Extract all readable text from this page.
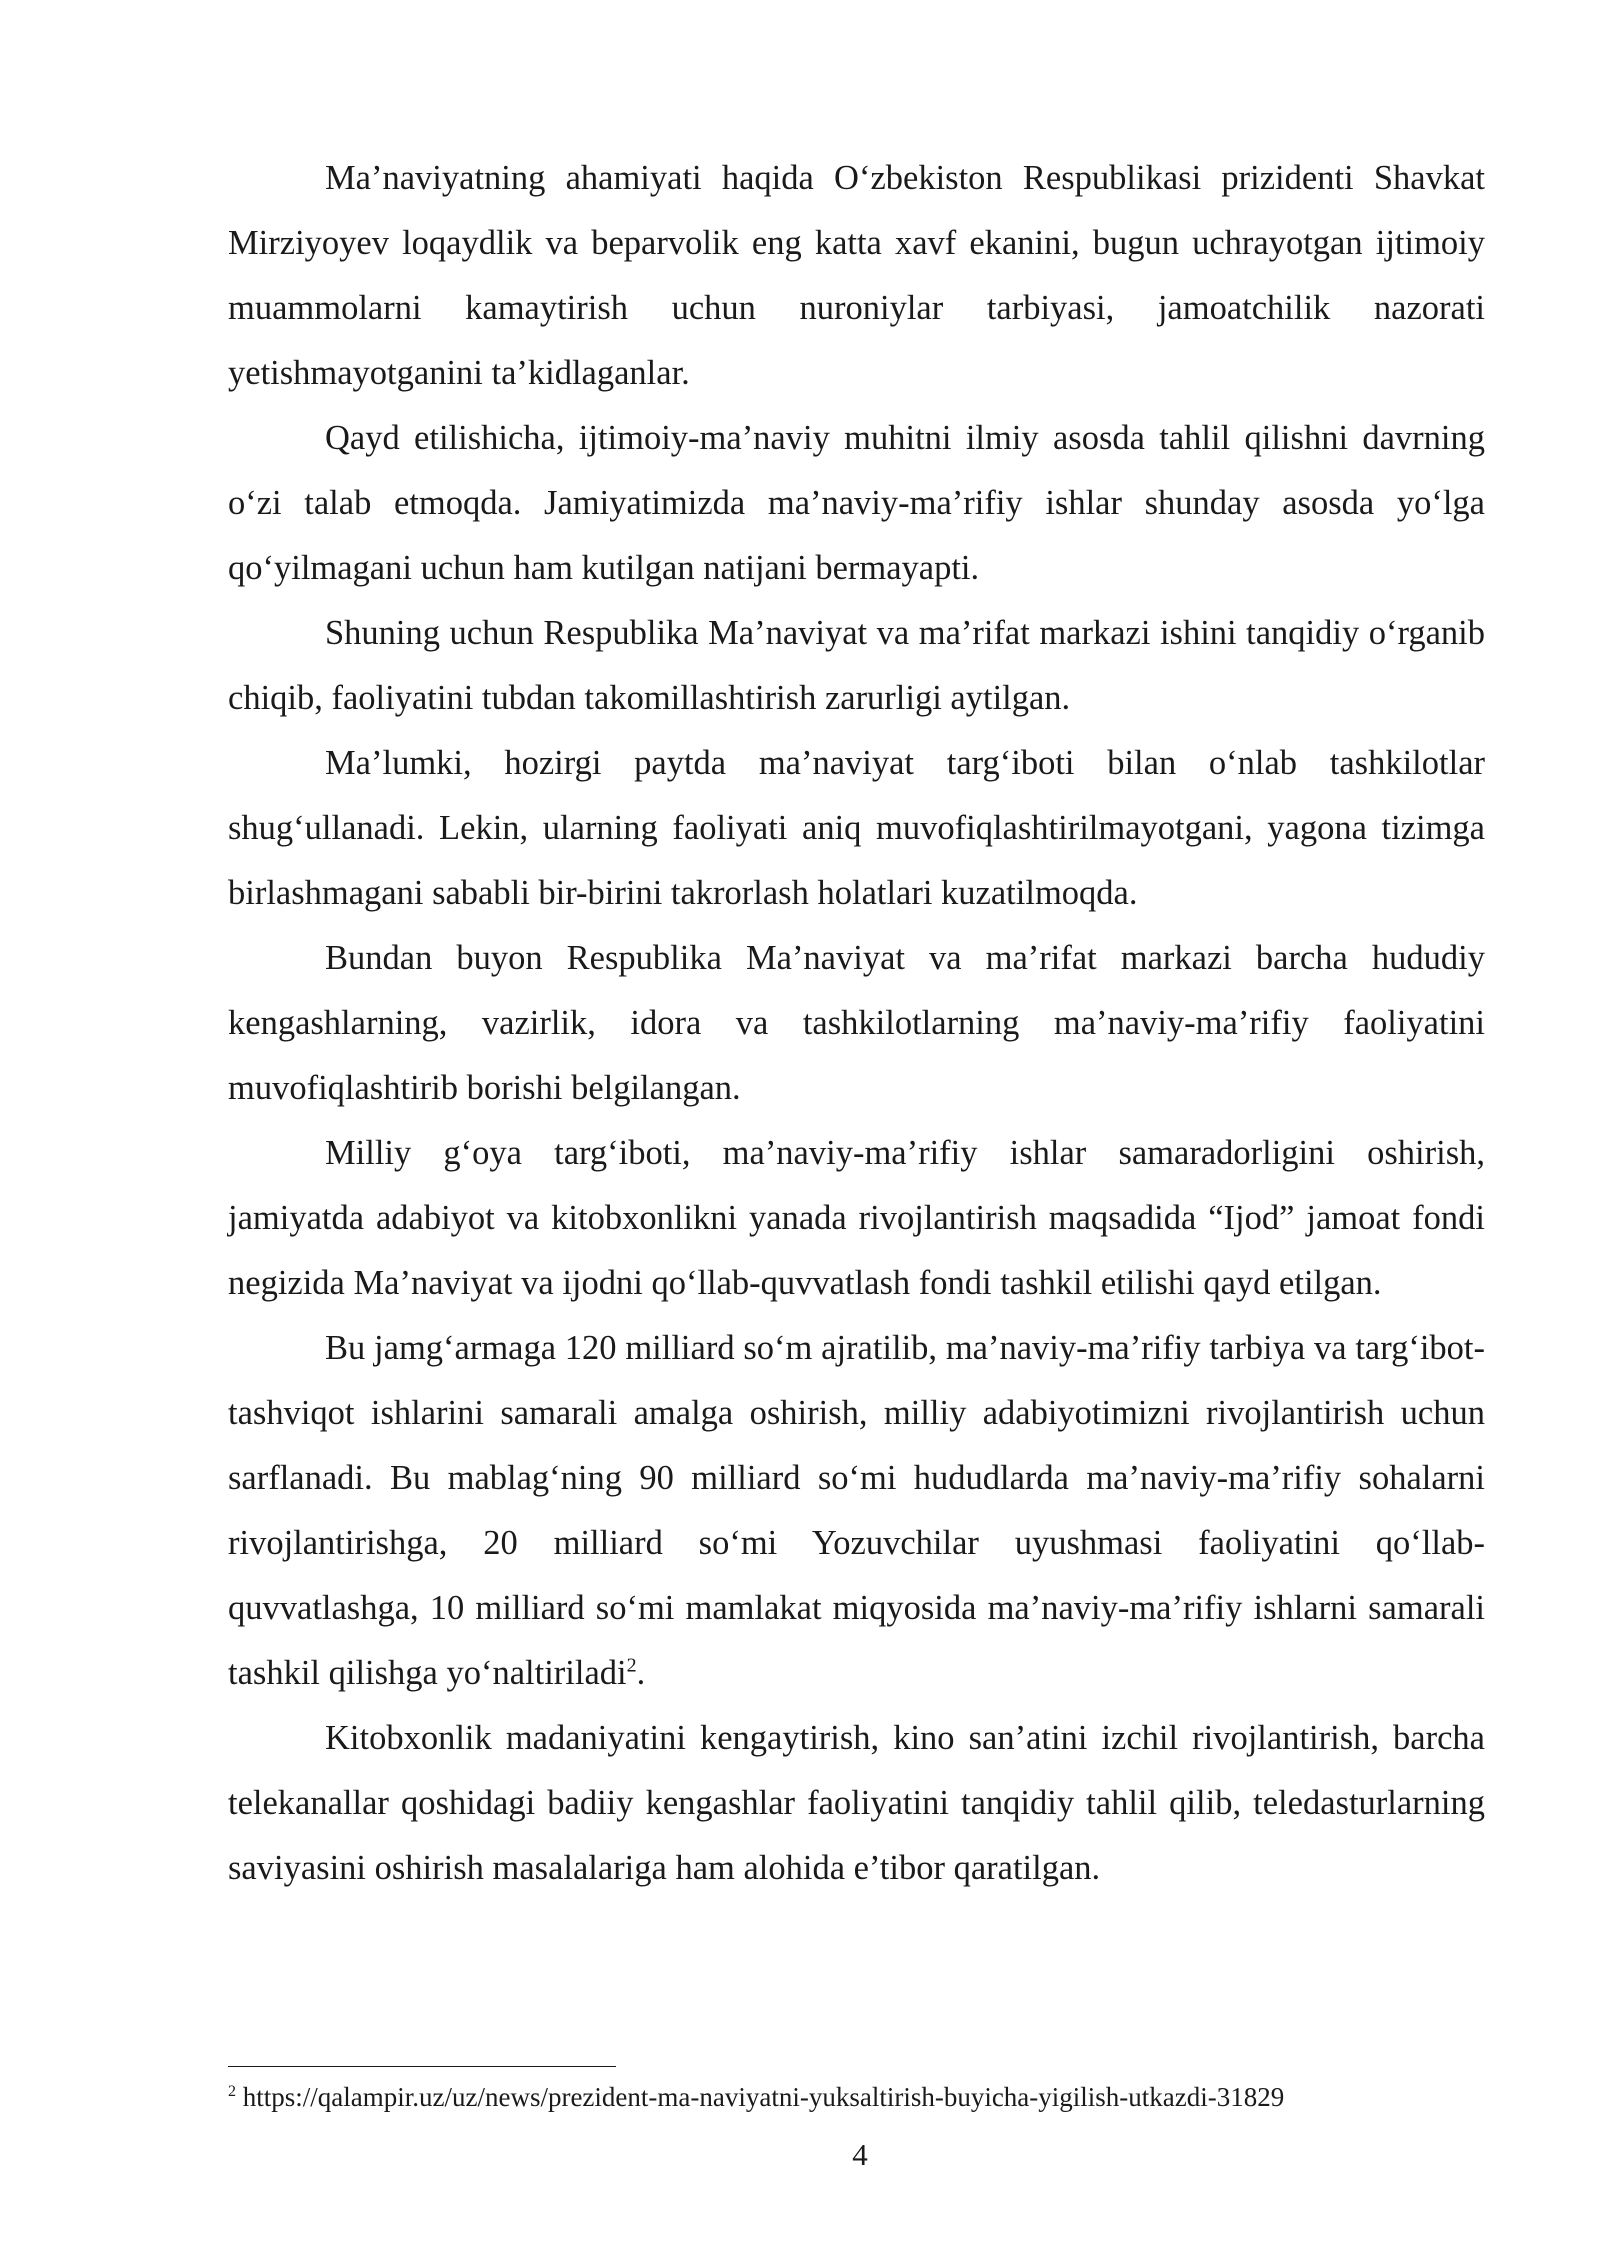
Ma’naviyatning ahamiyati haqida O‘zbekiston Respublikasi prizidenti Shavkat Mirziyoyev loqaydlik va beparvolik eng katta xavf ekanini, bugun uchrayotgan ijtimoiy muammolarni kamaytirish uchun nuroniylar tarbiyasi, jamoatchilik nazorati yetishmayotganini ta’kidlaganlar.

Qayd etilishicha, ijtimoiy-ma’naviy muhitni ilmiy asosda tahlil qilishni davrning o‘zi talab etmoqda. Jamiyatimizda ma’naviy-ma’rifiy ishlar shunday asosda yo‘lga qo‘yilmagani uchun ham kutilgan natijani bermayapti.

Shuning uchun Respublika Ma’naviyat va ma’rifat markazi ishini tanqidiy o‘rganib chiqib, faoliyatini tubdan takomillashtirish zarurligi aytilgan.

Ma’lumki, hozirgi paytda ma’naviyat targ‘iboti bilan o‘nlab tashkilotlar shug‘ullanadi. Lekin, ularning faoliyati aniq muvofiqlashtirilmayotgani, yagona tizimga birlashmagani sababli bir-birini takrorlash holatlari kuzatilmoqda.

Bundan buyon Respublika Ma’naviyat va ma’rifat markazi barcha hududiy kengashlarning, vazirlik, idora va tashkilotlarning ma’naviy-ma’rifiy faoliyatini muvofiqlashtirib borishi belgilangan.

Milliy g‘oya targ‘iboti, ma’naviy-ma’rifiy ishlar samaradorligini oshirish, jamiyatda adabiyot va kitobxonlikni yanada rivojlantirish maqsadida “Ijod” jamoat fondi negizida Ma’naviyat va ijodni qo‘llab-quvvatlash fondi tashkil etilishi qayd etilgan.

Bu jamg‘armaga 120 milliard so‘m ajratilib, ma’naviy-ma’rifiy tarbiya va targ‘ibot-tashviqot ishlarini samarali amalga oshirish, milliy adabiyotimizni rivojlantirish uchun sarflanadi. Bu mablag‘ning 90 milliard so‘mi hududlarda ma’naviy-ma’rifiy sohalarni rivojlantirishga, 20 milliard so‘mi Yozuvchilar uyushmasi faoliyatini qo‘llab-quvvatlashga, 10 milliard so‘mi mamlakat miqyosida ma’naviy-ma’rifiy ishlarni samarali tashkil qilishga yo‘naltiriladi$^2$.

Kitobxonlik madaniyatini kengaytirish, kino san’atini izchil rivojlantirish, barcha telekanallar qoshidagi badiiy kengashlar faoliyatini tanqidiy tahlil qilib, teledasturlarning saviyasini oshirish masalalariga ham alohida e’tibor qaratilgan.

$^2$ https://qalampir.uz/uz/news/prezident-ma-naviyatni-yuksaltirish-buyicha-yigilish-utkazdi-31829
4
